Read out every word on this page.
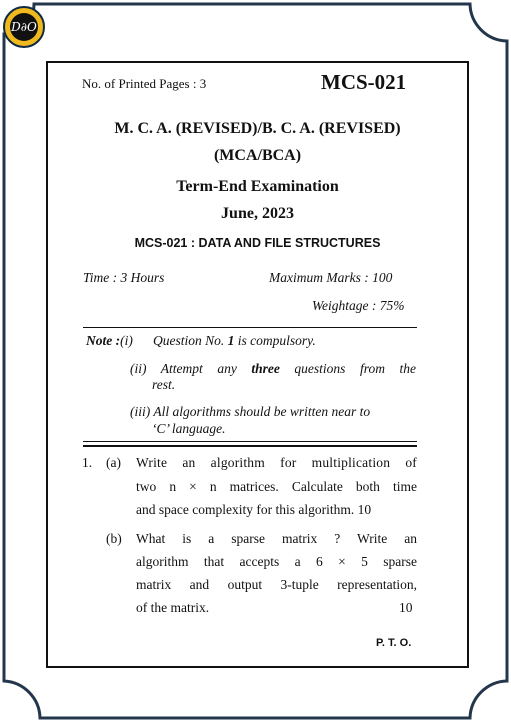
D∂O
No. of Printed Pages : 3	MCS-021
M. C. A. (REVISED)/B. C. A. (REVISED)
(MCA/BCA)
Term-End Examination
June, 2023
MCS-021 : DATA AND FILE STRUCTURES
Time : 3 Hours	Maximum Marks : 100
Weightage : 75%
Note :(i) Question No. 1 is compulsory.
(ii) Attempt any three questions from the
rest.
(iii) All algorithms should be written near to
‘C’ language.
1. (a) Write an algorithm for multiplication of
two n × n matrices. Calculate both time
and space complexity for this algorithm. 10
(b) What is a sparse matrix ? Write an
algorithm that accepts a 6 × 5 sparse
matrix and output 3-tuple representation,
of the matrix.	10
P. T. O.
